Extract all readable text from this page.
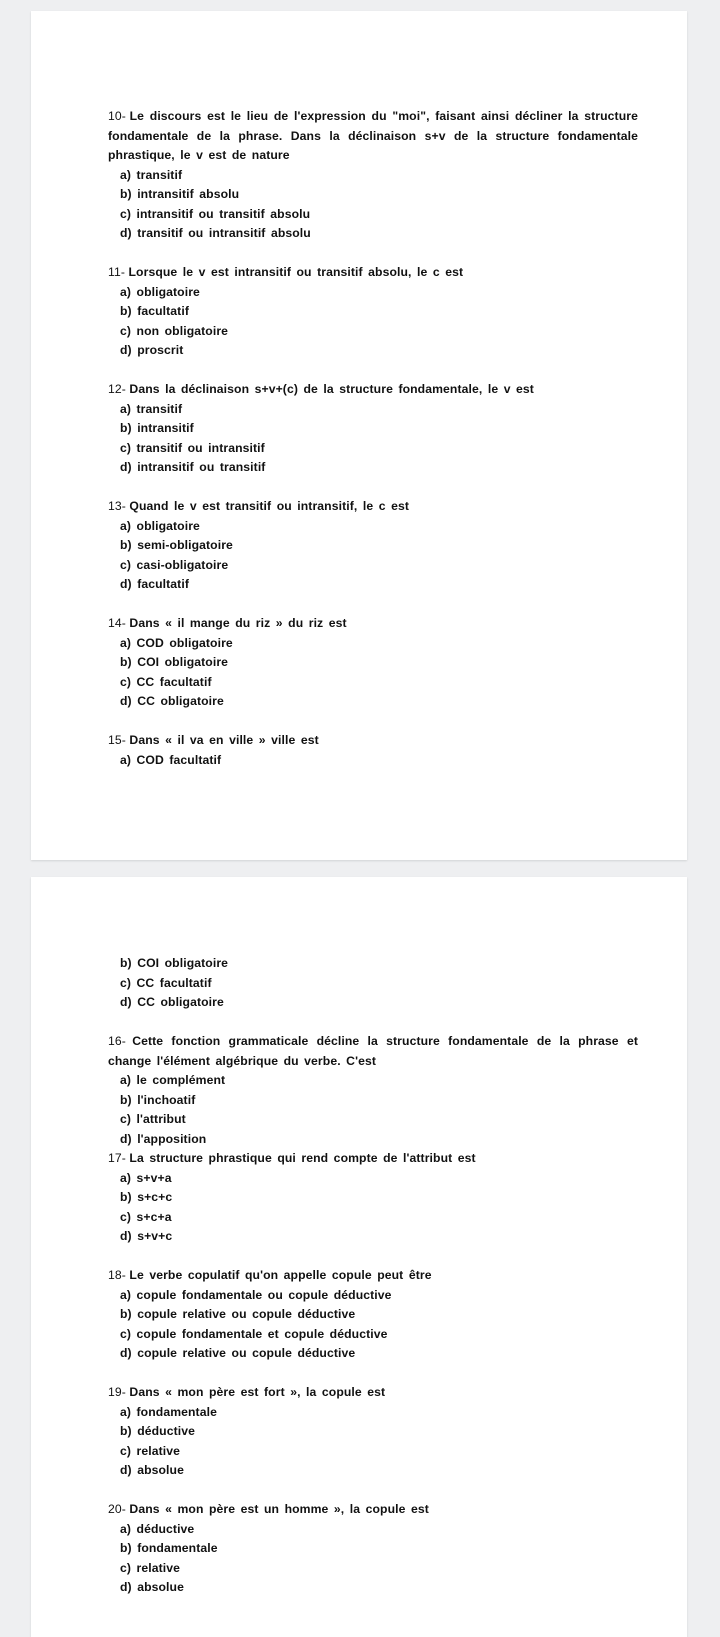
10- Le discours est le lieu de l'expression du "moi", faisant ainsi décliner la structure fondamentale de la phrase. Dans la déclinaison s+v de la structure fondamentale phrastique, le v est de nature

a) transitif

b) intransitif absolu

c) intransitif ou transitif absolu

d) transitif ou intransitif absolu

11- Lorsque le v est intransitif ou transitif absolu, le c est

a) obligatoire

b) facultatif

c) non obligatoire

d) proscrit

12- Dans la déclinaison s+v+(c) de la structure fondamentale, le v est

a) transitif

b) intransitif

c) transitif ou intransitif

d) intransitif ou transitif

13- Quand le v est transitif ou intransitif, le c est

a) obligatoire

b) semi-obligatoire

c) casi-obligatoire

d) facultatif

14- Dans « il mange du riz » du riz est

a) COD obligatoire

b) COI obligatoire

c) CC facultatif

d) CC obligatoire

15- Dans « il va en ville » ville est

a) COD facultatif

b) COI obligatoire

c) CC facultatif

d) CC obligatoire

16- Cette fonction grammaticale décline la structure fondamentale de la phrase et change l'élément algébrique du verbe. C'est

a) le complément

b) l'inchoatif

c) l'attribut

d) l'apposition

17- La structure phrastique qui rend compte de l'attribut est

a) s+v+a

b) s+c+c

c) s+c+a

d) s+v+c

18- Le verbe copulatif qu'on appelle copule peut être

a) copule fondamentale ou copule déductive

b) copule relative ou copule déductive

c) copule fondamentale et copule déductive

d) copule relative ou copule déductive

19- Dans « mon père est fort », la copule est

a) fondamentale

b) déductive

c) relative

d) absolue

20- Dans « mon père est un homme », la copule est

a) déductive

b) fondamentale

c) relative

d) absolue
